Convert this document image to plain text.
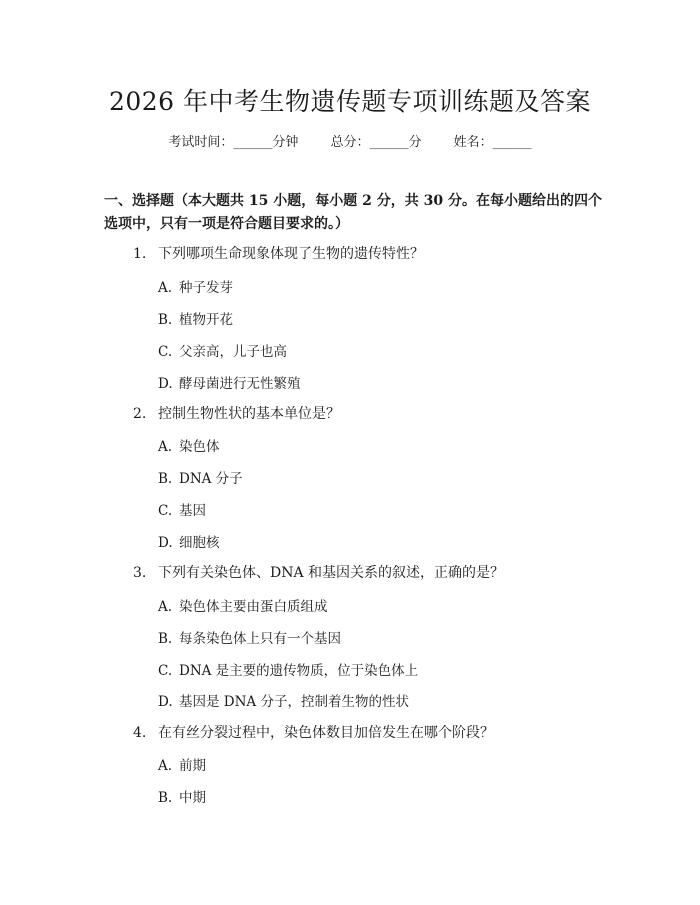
2026 年中考生物遗传题专项训练题及答案
考试时间：______分钟 总分：______分 姓名：______
一、选择题（本大题共 15 小题，每小题 2 分，共 30 分。在每小题给出的四个选项中，只有一项是符合题目要求的。）
1. 下列哪项生命现象体现了生物的遗传特性？
A. 种子发芽
B. 植物开花
C. 父亲高，儿子也高
D. 酵母菌进行无性繁殖
2. 控制生物性状的基本单位是？
A. 染色体
B. DNA 分子
C. 基因
D. 细胞核
3. 下列有关染色体、DNA 和基因关系的叙述，正确的是？
A. 染色体主要由蛋白质组成
B. 每条染色体上只有一个基因
C. DNA 是主要的遗传物质，位于染色体上
D. 基因是 DNA 分子，控制着生物的性状
4. 在有丝分裂过程中，染色体数目加倍发生在哪个阶段？
A. 前期
B. 中期
